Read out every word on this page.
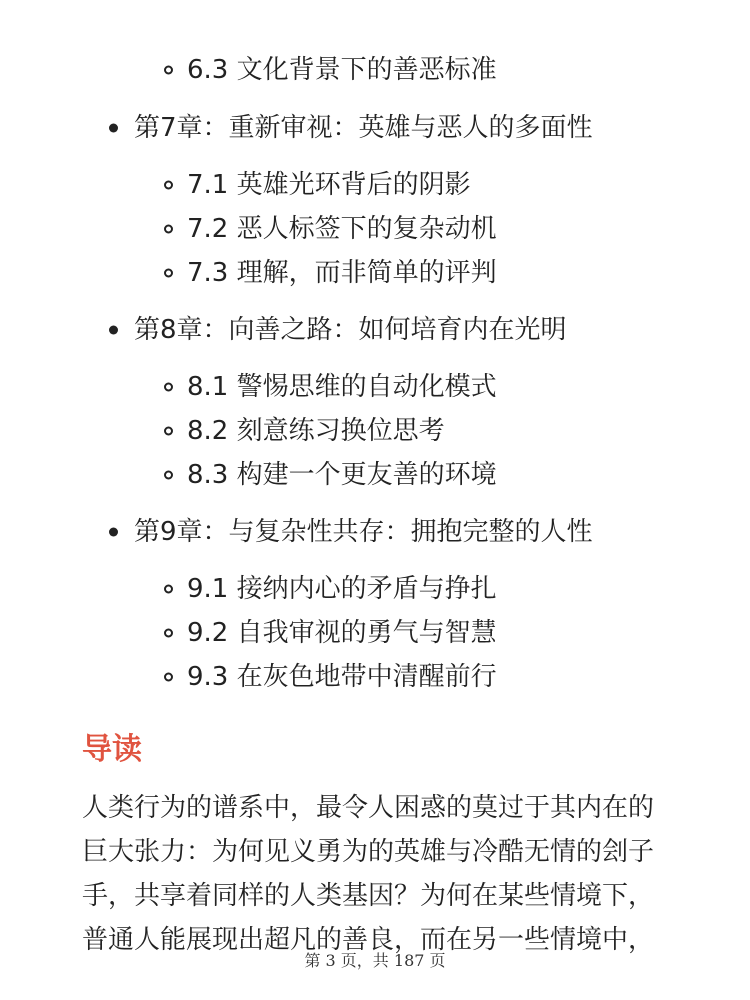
6.3 文化背景下的善恶标准
第7章：重新审视：英雄与恶人的多面性
7.1 英雄光环背后的阴影
7.2 恶人标签下的复杂动机
7.3 理解，而非简单的评判
第8章：向善之路：如何培育内在光明
8.1 警惕思维的自动化模式
8.2 刻意练习换位思考
8.3 构建一个更友善的环境
第9章：与复杂性共存：拥抱完整的人性
9.1 接纳内心的矛盾与挣扎
9.2 自我审视的勇气与智慧
9.3 在灰色地带中清醒前行
导读
人类行为的谱系中，最令人困惑的莫过于其内在的
巨大张力：为何见义勇为的英雄与冷酷无情的刽子
手，共享着同样的人类基因？为何在某些情境下，
普通人能展现出超凡的善良，而在另一些情境中，
第 3 页，共 187 页
